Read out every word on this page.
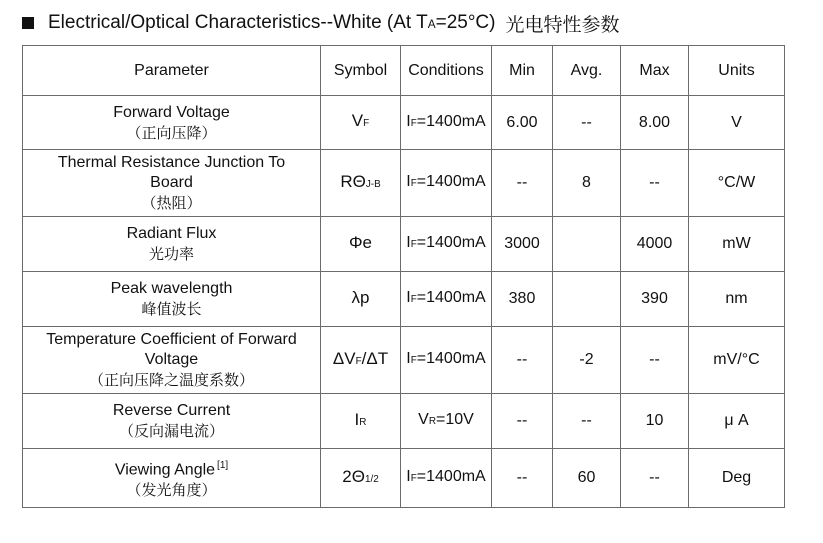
Electrical/Optical Characteristics--White (At TA=25°C) 光电特性参数
Parameter	Symbol	Conditions	Min	Avg.	Max	Units

Forward Voltage
（正向压降）	VF	IF=1400mA	6.00	--	8.00	V

Thermal Resistance Junction To
Board
（热阻）	RΘJ-B	IF=1400mA	--	8	--	°C/W

Radiant Flux
光功率	Φe	IF=1400mA	3000		4000	mW

Peak wavelength
峰值波长	λp	IF=1400mA	380		390	nm

Temperature Coefficient of Forward
Voltage
（正向压降之温度系数）	ΔVF/ΔT	IF=1400mA	--	-2	--	mV/°C

Reverse Current
（反向漏电流）	IR	VR=10V	--	--	10	μ A

Viewing Angle [1]
（发光角度）	2Θ1/2	IF=1400mA	--	60	--	Deg
